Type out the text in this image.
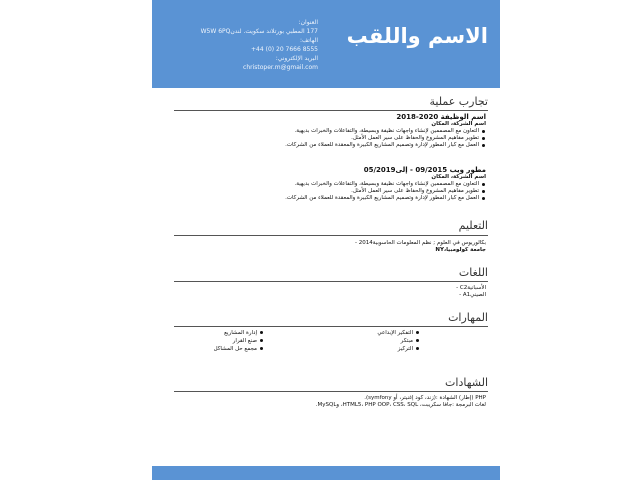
الاسم واللقب
العنوان:
177 المطبي بورتلاند سكويت. لندنW5W 6PQ
الهاتف:
+44 (0) 20 7666 8555
البريد الإلكتروني:
christoper.m@gmail.com
تجارب عملية
اسم الوظيفة 2020-2018
اسم الشركة، المكان
التعاون مع المصممين لإنشاء واجهات نظيفة وبسيطة، والتفاعلات والخبرات بديهية.
تطوير مفاهيم المشروع والحفاظ على سير العمل الأمثل.
العمل مع كبار المطور لإدارة وتصميم المشاريع الكبيرة والمعقدة للعملاء من الشركات.
مطور ويب 09/2015 - إلى05/2019
اسم الشركة، المكان
التعاون مع المصممين لإنشاء واجهات نظيفة وبسيطة، والتفاعلات والخبرات بديهية.
تطوير مفاهيم المشروع والحفاظ على سير العمل الأمثل.
العمل مع كبار المطور لإدارة وتصميم المشاريع الكبيرة والمعقدة للعملاء من الشركات.
التعليم
بكالوريوس في العلوم ; نظم المعلومات الحاسوبية2014 -
جامعة كولومبيا،NY
اللغات
الأسبانيةC2 -
الصينيA1 -
المهارات
التفكير الإبداعي
مبتكر
التركيز
إدارة المشاريع
صنع القرار
مجمع حل المشاكل
الشهادات
PHP (إطار) الشهادة :(زند، كود إغنيتر، أو symfony).
لغات البرمجة :جافا سكريبت، HTML5، PHP OOP، CSS، SQL، وMySQL.
